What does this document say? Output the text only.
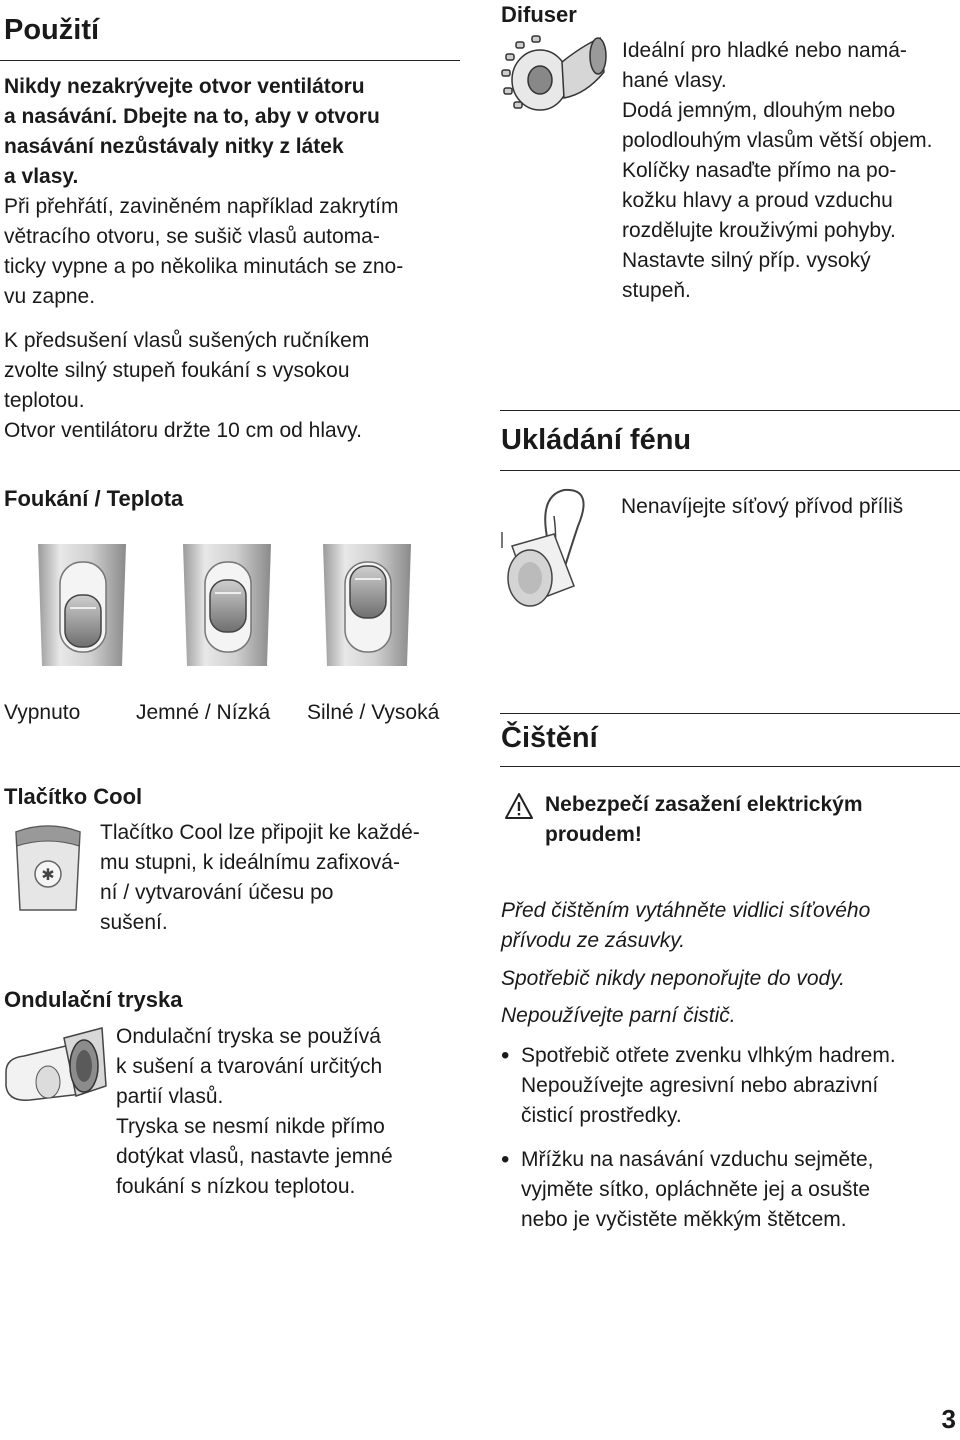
Použití

Nikdy nezakrývejte otvor ventilátoru

a nasávání. Dbejte na to, aby v otvoru

nasávání nezůstávaly nitky z látek

a vlasy.

Při přehřátí, zaviněném například zakrytím

větracího otvoru, se sušič vlasů automa-

ticky vypne a po několika minutách se zno-

vu zapne.

K předsušení vlasů sušených ručníkem

zvolte silný stupeň foukání s vysokou

teplotou.

Otvor ventilátoru držte 10 cm od hlavy.

Foukání / Teplota
Vypnuto	Jemné / Nízká Silné / Vysoká
Tlačítko Cool
✱

Tlačítko Cool lze připojit ke každé-

mu stupni, k ideálnímu zafixová-

ní / vytvarování účesu po

sušení.

Ondulační tryska

Ondulační tryska se používá

k sušení a tvarování určitých

partií vlasů.

Tryska se nesmí nikde přímo

dotýkat vlasů, nastavte jemné

foukání s nízkou teplotou.

Difuser

Ideální pro hladké nebo namá-

hané vlasy.

Dodá jemným, dlouhým nebo

polodlouhým vlasům větší objem.

Kolíčky nasaďte přímo na po-

kožku hlavy a proud vzduchu

rozdělujte krouživými pohyby.

Nastavte silný příp. vysoký

stupeň.

Ukládání fénu
Nenavíjejte síťový přívod příliš
Čištění

Nebezpečí zasažení elektrickým

proudem!

Před čištěním vytáhněte vidlici síťového

přívodu ze zásuvky.

Spotřebič nikdy neponořujte do vody.

Nepoužívejte parní čistič.

• Spotřebič otřete zvenku vlhkým hadrem.
Nepoužívejte agresivní nebo abrazivní
čisticí prostředky.
• Mřížku na nasávání vzduchu sejměte,
vyjměte sítko, opláchněte jej a osušte
nebo je vyčistěte měkkým štětcem.
3
